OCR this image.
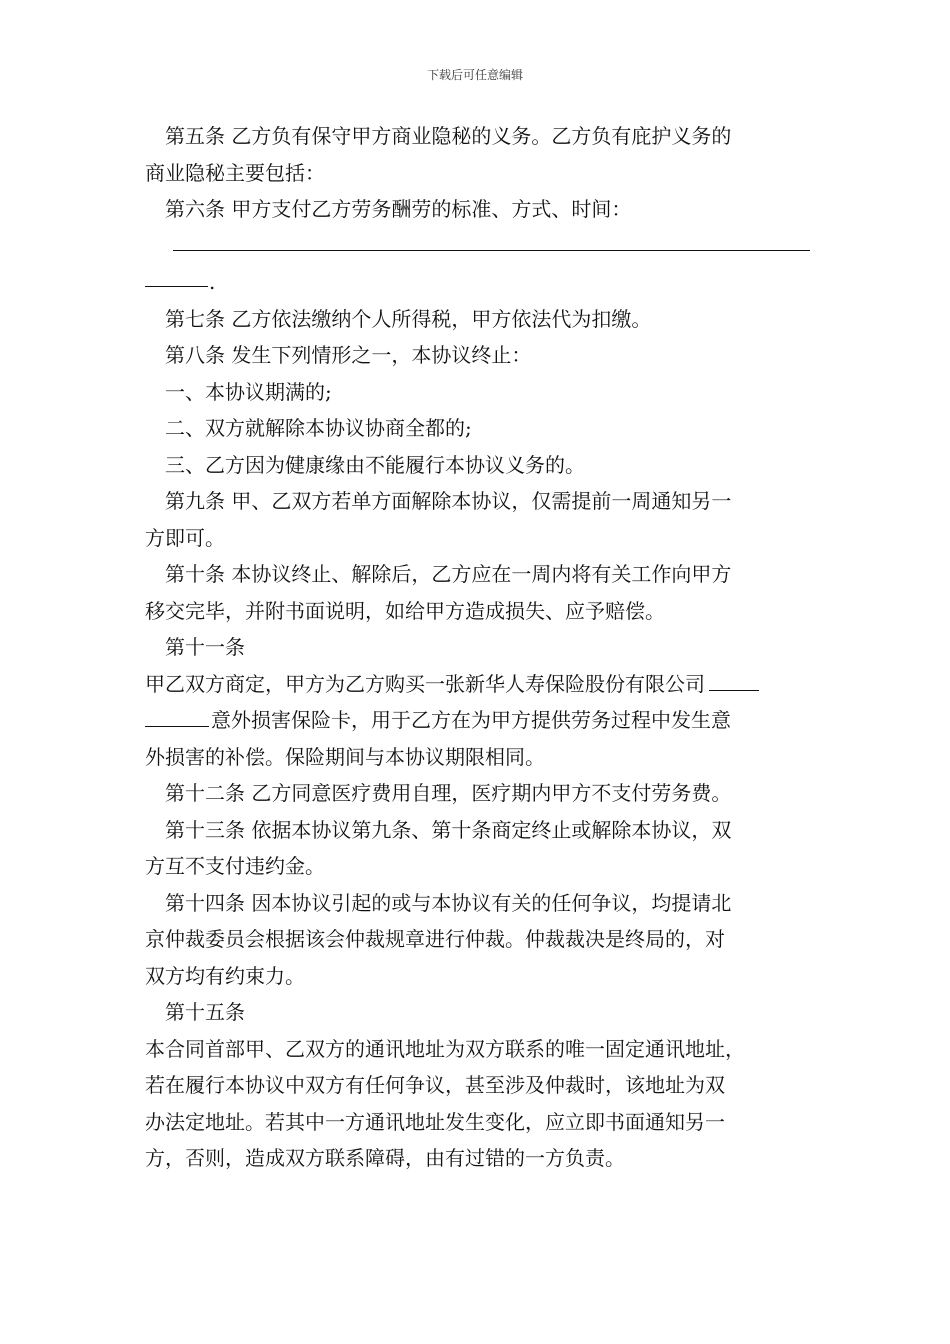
下载后可任意编辑
第五条 乙方负有保守甲方商业隐秘的义务。乙方负有庇护义务的
商业隐秘主要包括：
第六条 甲方支付乙方劳务酬劳的标准、方式、时间：
.
第七条 乙方依法缴纳个人所得税，甲方依法代为扣缴。
第八条 发生下列情形之一，本协议终止：
一、本协议期满的;
二、双方就解除本协议协商全都的;
三、乙方因为健康缘由不能履行本协议义务的。
第九条 甲、乙双方若单方面解除本协议，仅需提前一周通知另一
方即可。
第十条 本协议终止、解除后，乙方应在一周内将有关工作向甲方
移交完毕，并附书面说明，如给甲方造成损失、应予赔偿。
第十一条
甲乙双方商定，甲方为乙方购买一张新华人寿保险股份有限公司
意外损害保险卡，用于乙方在为甲方提供劳务过程中发生意
外损害的补偿。保险期间与本协议期限相同。
第十二条 乙方同意医疗费用自理，医疗期内甲方不支付劳务费。
第十三条 依据本协议第九条、第十条商定终止或解除本协议，双
方互不支付违约金。
第十四条 因本协议引起的或与本协议有关的任何争议，均提请北
京仲裁委员会根据该会仲裁规章进行仲裁。仲裁裁决是终局的，对
双方均有约束力。
第十五条
本合同首部甲、乙双方的通讯地址为双方联系的唯一固定通讯地址，
若在履行本协议中双方有任何争议，甚至涉及仲裁时，该地址为双
办法定地址。若其中一方通讯地址发生变化，应立即书面通知另一
方，否则，造成双方联系障碍，由有过错的一方负责。
